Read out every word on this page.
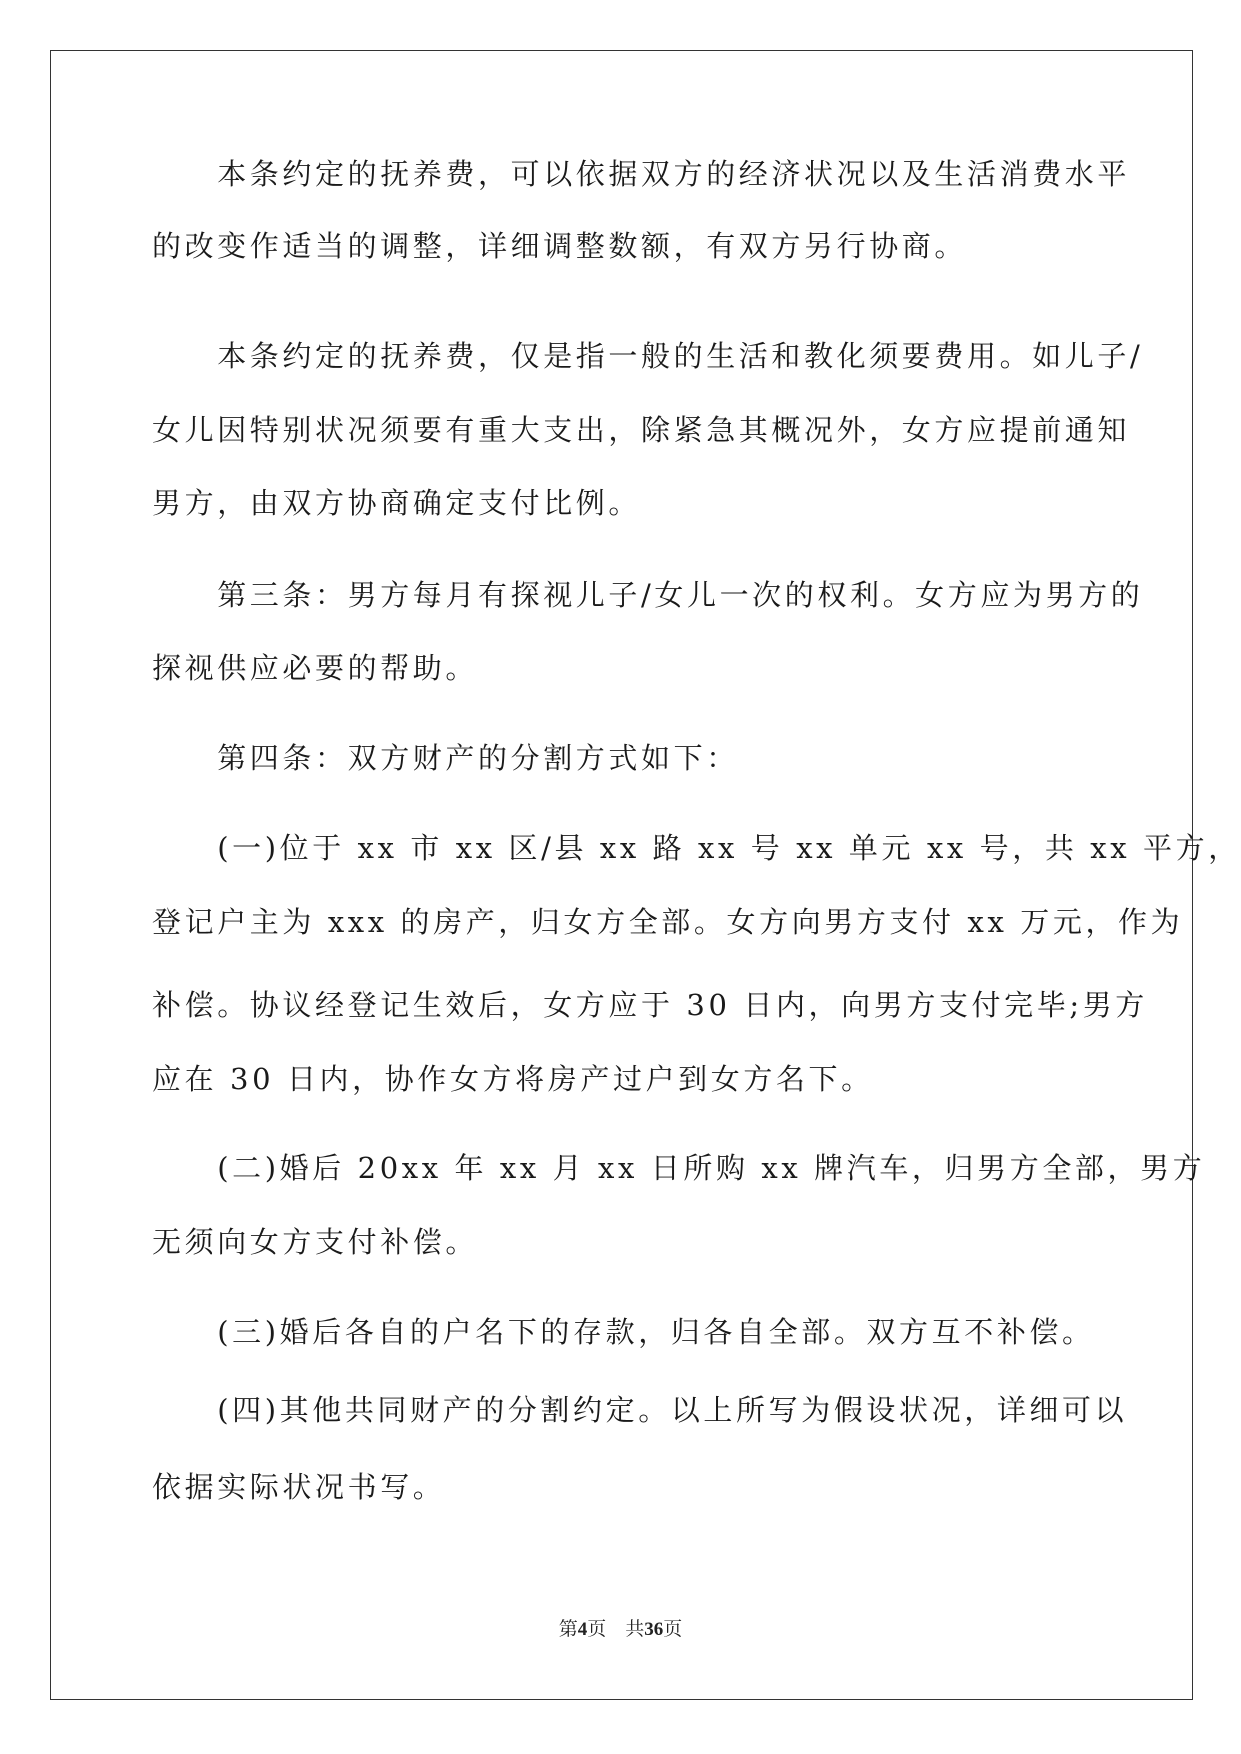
　　本条约定的抚养费，可以依据双方的经济状况以及生活消费水平
的改变作适当的调整，详细调整数额，有双方另行协商。
　　本条约定的抚养费，仅是指一般的生活和教化须要费用。如儿子/
女儿因特别状况须要有重大支出，除紧急其概况外，女方应提前通知
男方，由双方协商确定支付比例。
　　第三条：男方每月有探视儿子/女儿一次的权利。女方应为男方的
探视供应必要的帮助。
　　第四条：双方财产的分割方式如下：
　　(一)位于 xx 市 xx 区/县 xx 路 xx 号 xx 单元 xx 号，共 xx 平方，
登记户主为 xxx 的房产，归女方全部。女方向男方支付 xx 万元，作为
补偿。协议经登记生效后，女方应于 30 日内，向男方支付完毕;男方
应在 30 日内，协作女方将房产过户到女方名下。
　　(二)婚后 20xx 年 xx 月 xx 日所购 xx 牌汽车，归男方全部，男方
无须向女方支付补偿。
　　(三)婚后各自的户名下的存款，归各自全部。双方互不补偿。
　　(四)其他共同财产的分割约定。以上所写为假设状况，详细可以
依据实际状况书写。
第4页　共36页
